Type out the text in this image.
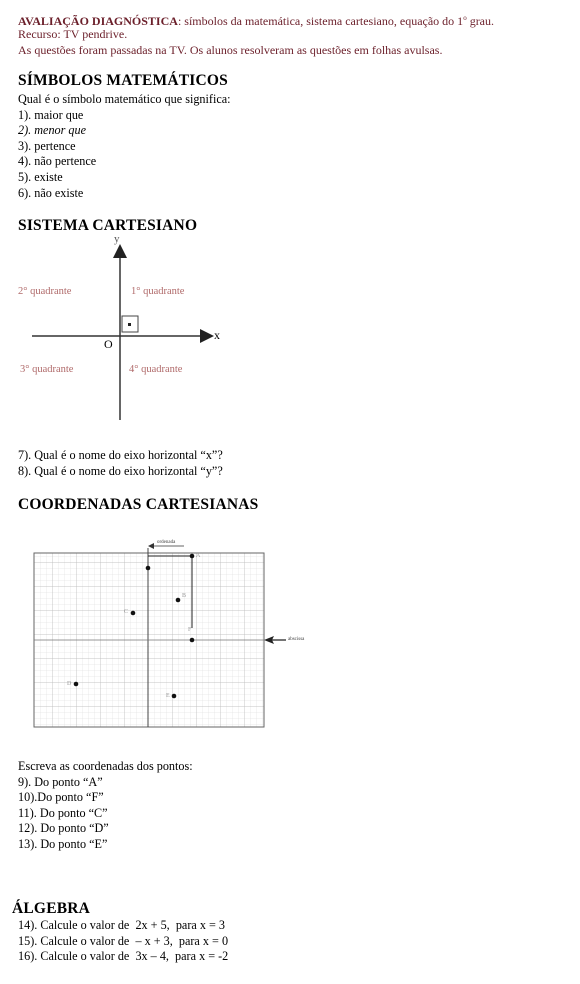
AVALIAÇÃO DIAGNÓSTICA: símbolos da matemática, sistema cartesiano, equação do 1$^o$ grau.
Recurso: TV pendrive.
As questões foram passadas na TV. Os alunos resolveram as questões em folhas avulsas.
SÍMBOLOS MATEMÁTICOS
Qual é o símbolo matemático que significa:
1). maior que
2). menor que
3). pertence
4). não pertence
5). existe
6). não existe
SISTEMA CARTESIANO
y
x
O
2° quadrante	1° quadrante
3° quadrante	4° quadrante
7). Qual é o nome do eixo horizontal “x”?
8). Qual é o nome do eixo horizontal “y”?
COORDENADAS CARTESIANAS
ordenada
abscissa
A
B
C
D
E
F
Escreva as coordenadas dos pontos:
9). Do ponto “A”
10).Do ponto “F”
11). Do ponto “C”
12). Do ponto “D”
13). Do ponto “E”
ÁLGEBRA
14). Calcule o valor de 2x + 5, para x = 3
15). Calcule o valor de – x + 3, para x = 0
16). Calcule o valor de 3x – 4, para x = -2
